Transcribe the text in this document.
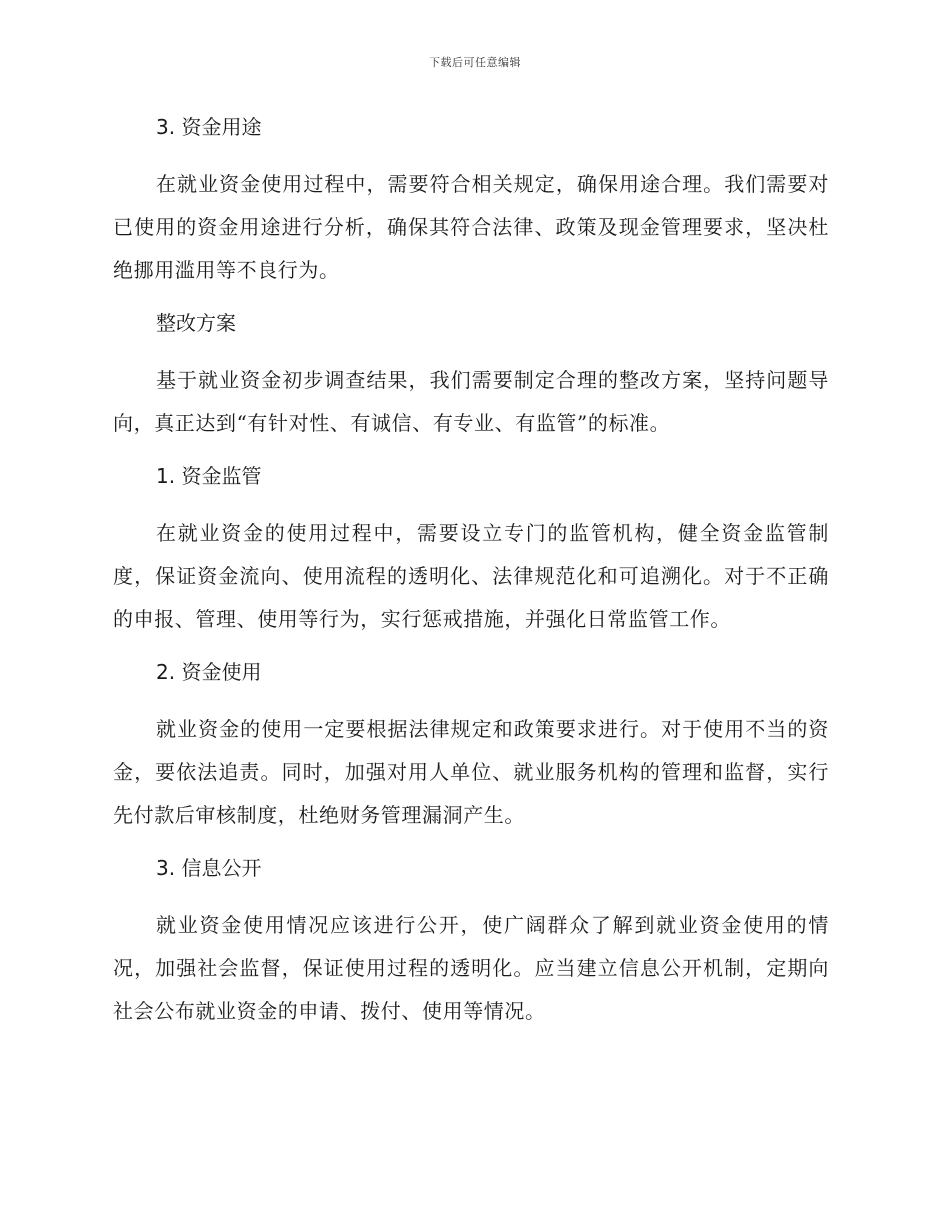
下载后可任意编辑
3. 资金用途

在就业资金使用过程中，需要符合相关规定，确保用途合理。我们需要对已使用的资金用途进行分析，确保其符合法律、政策及现金管理要求，坚决杜绝挪用滥用等不良行为。

整改方案

基于就业资金初步调查结果，我们需要制定合理的整改方案，坚持问题导向，真正达到“有针对性、有诚信、有专业、有监管”的标准。

1. 资金监管

在就业资金的使用过程中，需要设立专门的监管机构，健全资金监管制度，保证资金流向、使用流程的透明化、法律规范化和可追溯化。对于不正确的申报、管理、使用等行为，实行惩戒措施，并强化日常监管工作。

2. 资金使用

就业资金的使用一定要根据法律规定和政策要求进行。对于使用不当的资金，要依法追责。同时，加强对用人单位、就业服务机构的管理和监督，实行先付款后审核制度，杜绝财务管理漏洞产生。

3. 信息公开

就业资金使用情况应该进行公开，使广阔群众了解到就业资金使用的情况，加强社会监督，保证使用过程的透明化。应当建立信息公开机制，定期向社会公布就业资金的申请、拨付、使用等情况。
